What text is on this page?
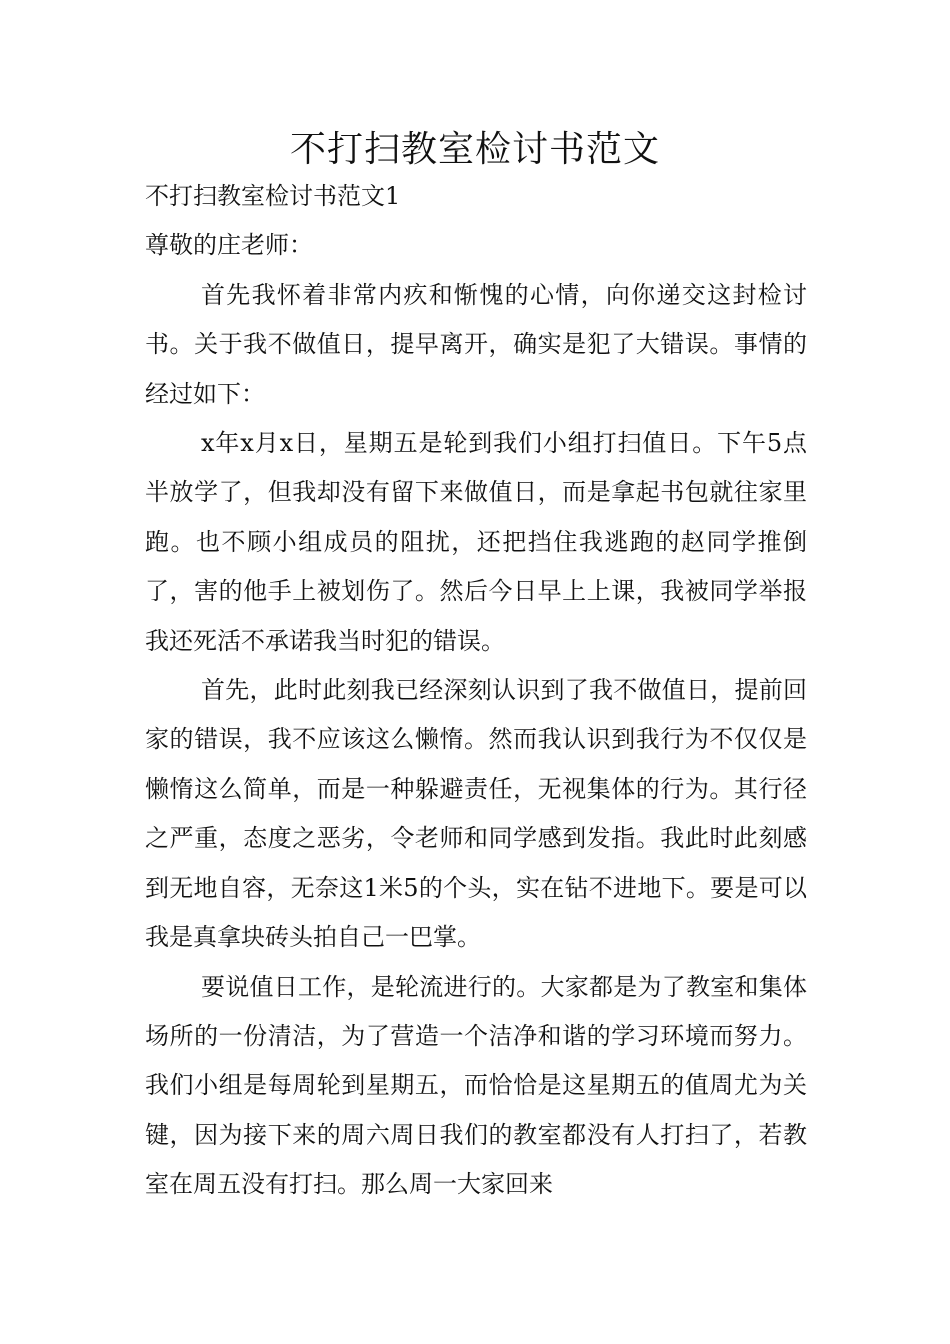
不打扫教室检讨书范文

不打扫教室检讨书范文1

尊敬的庄老师：

首先我怀着非常内疚和惭愧的心情，向你递交这封检讨书。关于我不做值日，提早离开，确实是犯了大错误。事情的经过如下：

x年x月x日，星期五是轮到我们小组打扫值日。下午5点半放学了，但我却没有留下来做值日，而是拿起书包就往家里跑。也不顾小组成员的阻扰，还把挡住我逃跑的赵同学推倒了，害的他手上被划伤了。然后今日早上上课，我被同学举报我还死活不承诺我当时犯的错误。

首先，此时此刻我已经深刻认识到了我不做值日，提前回家的错误，我不应该这么懒惰。然而我认识到我行为不仅仅是懒惰这么简单，而是一种躲避责任，无视集体的行为。其行径之严重，态度之恶劣，令老师和同学感到发指。我此时此刻感到无地自容，无奈这1米5的个头，实在钻不进地下。要是可以我是真拿块砖头拍自己一巴掌。

要说值日工作，是轮流进行的。大家都是为了教室和集体场所的一份清洁，为了营造一个洁净和谐的学习环境而努力。我们小组是每周轮到星期五，而恰恰是这星期五的值周尤为关键，因为接下来的周六周日我们的教室都没有人打扫了，若教室在周五没有打扫。那么周一大家回来
